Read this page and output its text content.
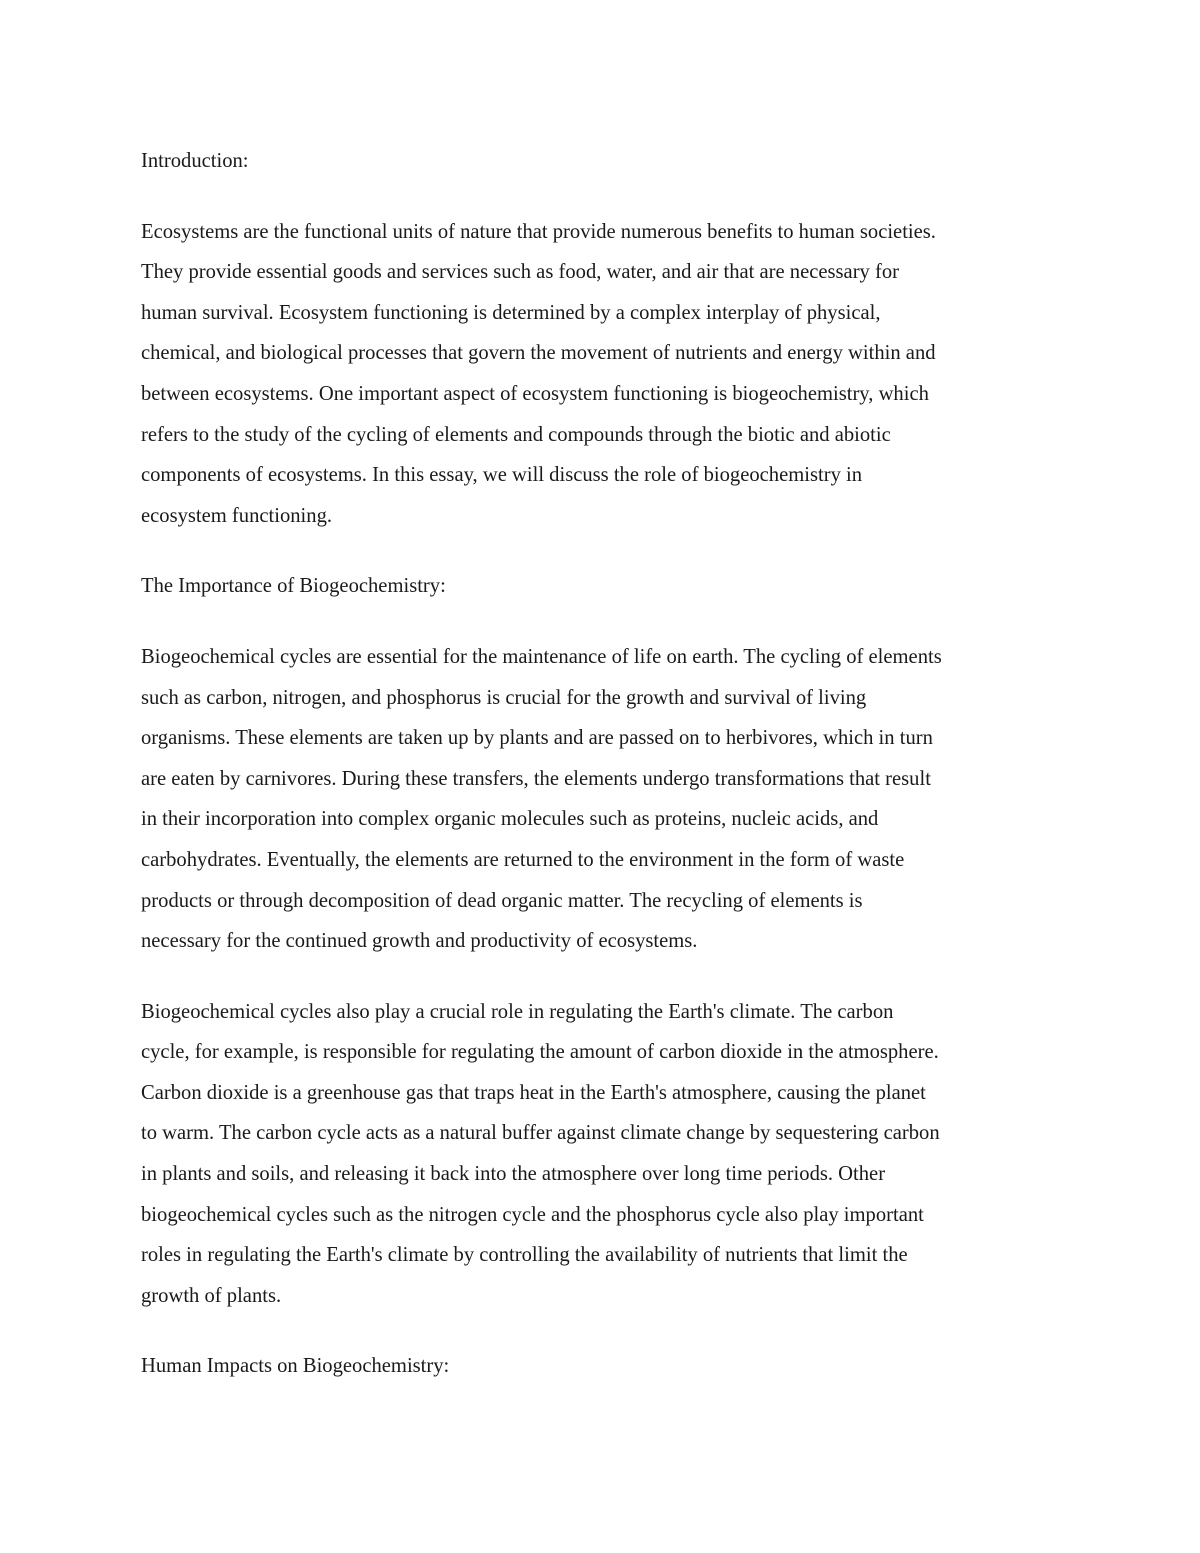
Introduction:

Ecosystems are the functional units of nature that provide numerous benefits to human societies.

They provide essential goods and services such as food, water, and air that are necessary for

human survival. Ecosystem functioning is determined by a complex interplay of physical,

chemical, and biological processes that govern the movement of nutrients and energy within and

between ecosystems. One important aspect of ecosystem functioning is biogeochemistry, which

refers to the study of the cycling of elements and compounds through the biotic and abiotic

components of ecosystems. In this essay, we will discuss the role of biogeochemistry in

ecosystem functioning.

The Importance of Biogeochemistry:

Biogeochemical cycles are essential for the maintenance of life on earth. The cycling of elements

such as carbon, nitrogen, and phosphorus is crucial for the growth and survival of living

organisms. These elements are taken up by plants and are passed on to herbivores, which in turn

are eaten by carnivores. During these transfers, the elements undergo transformations that result

in their incorporation into complex organic molecules such as proteins, nucleic acids, and

carbohydrates. Eventually, the elements are returned to the environment in the form of waste

products or through decomposition of dead organic matter. The recycling of elements is

necessary for the continued growth and productivity of ecosystems.

Biogeochemical cycles also play a crucial role in regulating the Earth's climate. The carbon

cycle, for example, is responsible for regulating the amount of carbon dioxide in the atmosphere.

Carbon dioxide is a greenhouse gas that traps heat in the Earth's atmosphere, causing the planet

to warm. The carbon cycle acts as a natural buffer against climate change by sequestering carbon

in plants and soils, and releasing it back into the atmosphere over long time periods. Other

biogeochemical cycles such as the nitrogen cycle and the phosphorus cycle also play important

roles in regulating the Earth's climate by controlling the availability of nutrients that limit the

growth of plants.

Human Impacts on Biogeochemistry:
